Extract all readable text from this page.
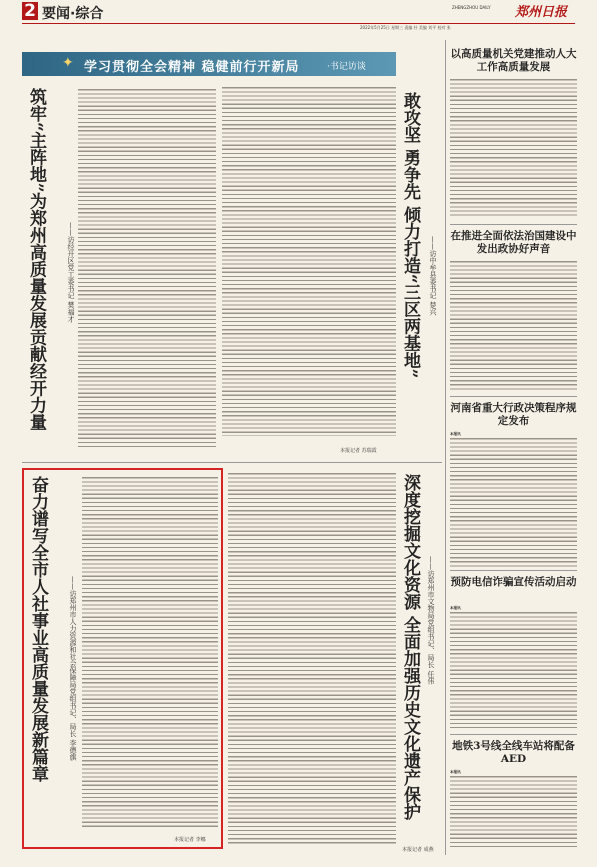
2 要闻·综合	ZHENGZHOU DAILY 郑州日报
2022年5月25日 星期三 责编 杜 美编 刘平 校对 张
✦ 学习贯彻全会精神 稳健前行开新局	·书记访谈
筑牢“主阵地”为郑州高质量发展贡献经开力量	——访经开区党工委书记 樊福才
本报记者 苏瑞霞
敢攻坚 勇争先 倾力打造“三区两基地” ——访中牟县委书记 楚兴
奋力谱写全市人社事业高质量发展新篇章	——访郑州市人力资源和社会保障局党组书记、局长 李德旗
本报记者 李娜
深度挖掘文化资源 全面加强历史文化遗产保护 ——访郑州市文物局党组书记、局长 任伟
本报记者 成燕
以高质量机关党建推动人大工作高质量发展
在推进全面依法治国建设中发出政协好声音
河南省重大行政决策程序规定发布
本报讯
预防电信诈骗宣传活动启动
本报讯
地铁3号线全线车站将配备AED
本报讯
